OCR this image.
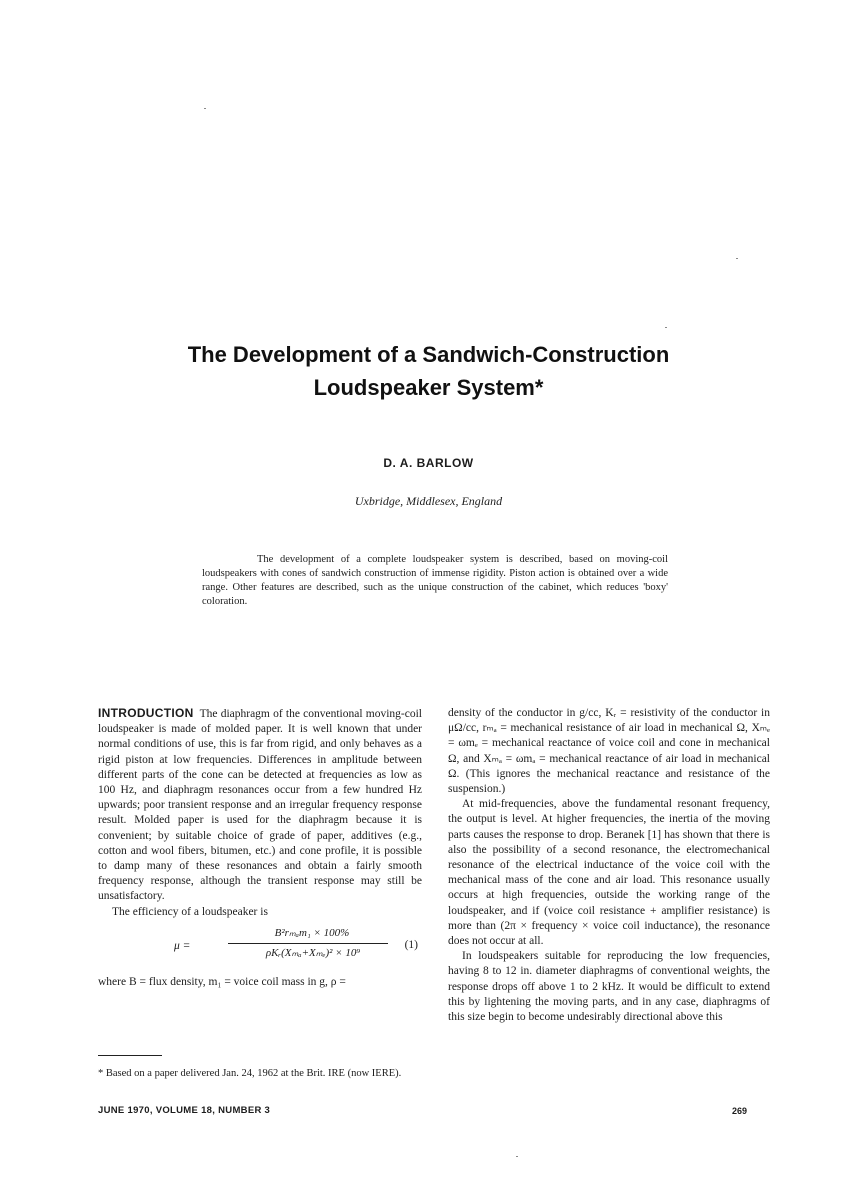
The Development of a Sandwich-Construction
Loudspeaker System*
D. A. BARLOW
Uxbridge, Middlesex, England

The development of a complete loudspeaker system is described, based on moving-coil loudspeakers with cones of sandwich construction of immense rigidity. Piston action is obtained over a wide range. Other features are described, such as the unique construction of the cabinet, which reduces 'boxy' coloration.

INTRODUCTION The diaphragm of the conventional moving-coil loudspeaker is made of molded paper. It is well known that under normal conditions of use, this is far from rigid, and only behaves as a rigid piston at low frequencies. Differences in amplitude between different parts of the cone can be detected at frequencies as low as 100 Hz, and diaphragm resonances occur from a few hundred Hz upwards; poor transient response and an irregular frequency response result. Molded paper is used for the diaphragm because it is convenient; by suitable choice of grade of paper, additives (e.g., cotton and wool fibers, bitumen, etc.) and cone profile, it is possible to damp many of these resonances and obtain a fairly smooth frequency response, although the transient response may still be unsatisfactory.

The efficiency of a loudspeaker is

μ =
B²rₘₐm₁ × 100%
ρKᵣ(Xₘₐ+Xₘₑ)² × 10⁹
(1)

where B = flux density, m₁ = voice coil mass in g, ρ =

density of the conductor in g/cc, Kᵣ = resistivity of the conductor in μΩ/cc, rₘₐ = mechanical resistance of air load in mechanical Ω, Xₘₑ = ωmₑ = mechanical reactance of voice coil and cone in mechanical Ω, and Xₘₐ = ωmₐ = mechanical reactance of air load in mechanical Ω. (This ignores the mechanical reactance and resistance of the suspension.)

At mid-frequencies, above the fundamental resonant frequency, the output is level. At higher frequencies, the inertia of the moving parts causes the response to drop. Beranek [1] has shown that there is also the possibility of a second resonance, the electromechanical resonance of the electrical inductance of the voice coil with the mechanical mass of the cone and air load. This resonance usually occurs at high frequencies, outside the working range of the loudspeaker, and if (voice coil resistance + amplifier resistance) is more than (2π × frequency × voice coil inductance), the resonance does not occur at all.

In loudspeakers suitable for reproducing the low frequencies, having 8 to 12 in. diameter diaphragms of conventional weights, the response drops off above 1 to 2 kHz. It would be difficult to extend this by lightening the moving parts, and in any case, diaphragms of this size begin to become undesirably directional above this

* Based on a paper delivered Jan. 24, 1962 at the Brit. IRE (now IERE).
JUNE 1970, VOLUME 18, NUMBER 3	269
